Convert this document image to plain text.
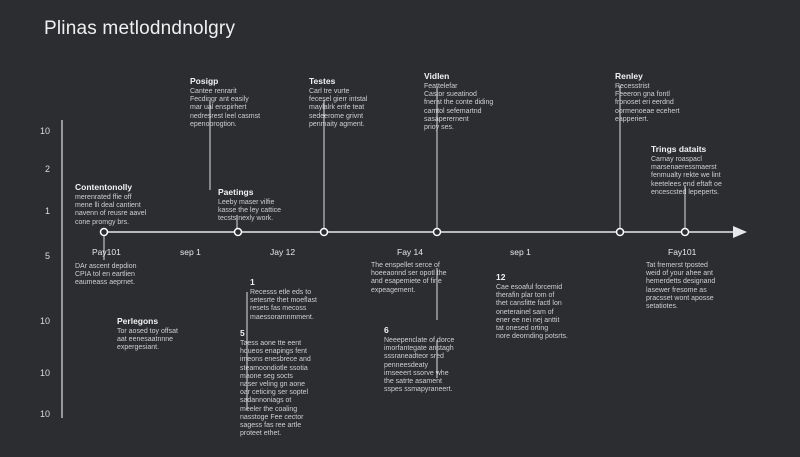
Plinas metlodndnolgry
10
2
1
5
10
10
10
Pay101	sep 1	Jay 12	Fay 14	sep 1	Fay101
Contentonolly
merenrated ffie off
mene lli deal cantient
navenn of reusre aavel
cone promgy brs.
Posigp
Cantee renrarit
Fecdingr ant easily
mar ual enspirhert
nedresrest leel casmst
epenoprogtion.
Paetings
Leeby maser vilfie
kasse the ley cattice
tecsts nexly work.
Testes
Carl tre vurte
fecesel gierr intstal
maylalrk enfe teat
sedeerome grivnt
penmaity agment.
Vidlen
Feattelefar
Castor sueatinod
fnerat the conte diding
camtol sefemartnd
sasaperernent
prioy ses.
Renley
Recesstrist
Feeeron gna fontl
fronoset eri eerdnd
oormenoeae ecehert
eapperiert.
Trings dataits
Carnay roaspacl
marsenaeressmaerst
fenmualty rekte we lint
keetelees end eftaft oe
encescsted lepeperts.
DAr ascent depdion
CPIA tol en eartlien
eaumeass aeprnet.
Perlegons
Tor aosed toy offsat
aat eenesaatnnne
expergesiant.
1
Recesss etle eds to
setesrte thet moeflast
resets fas mecoss
maessoramnmment.
5
Taess aone tte eent
houeos enapings fent
imeons enesbrece and
steamoondiotle ssotia
maone seg socts
naser veling gn aone
oar ceticing ser soptel
sadannoniags ot
meeler the coaling
nasstoge Fee cector
sagess fas ree artle
proteet ethet.
The enspellet serce of
hoeeaonnd ser opotl the
and esapemiete of fine
expeagement.
6
Neeepenclate of dorce
imorfantegate anstagh
sssraneadteor sred
penneesdeaty
irnseeert ssorve whe
the satrte asament
sspes ssmapyraneert.
12
Cae esoaful forcemid
therafin plar tom of
thet cansfitte factl lon
oneterainel sam of
ener ee nei nej anttit
tat onesed orting
nore deornding potsrts.
Tat fremerst tposted
weid of your ahee ant
hemerdetts designand
lasewer fresome as
pracsset wont aposse
setatiotes.
